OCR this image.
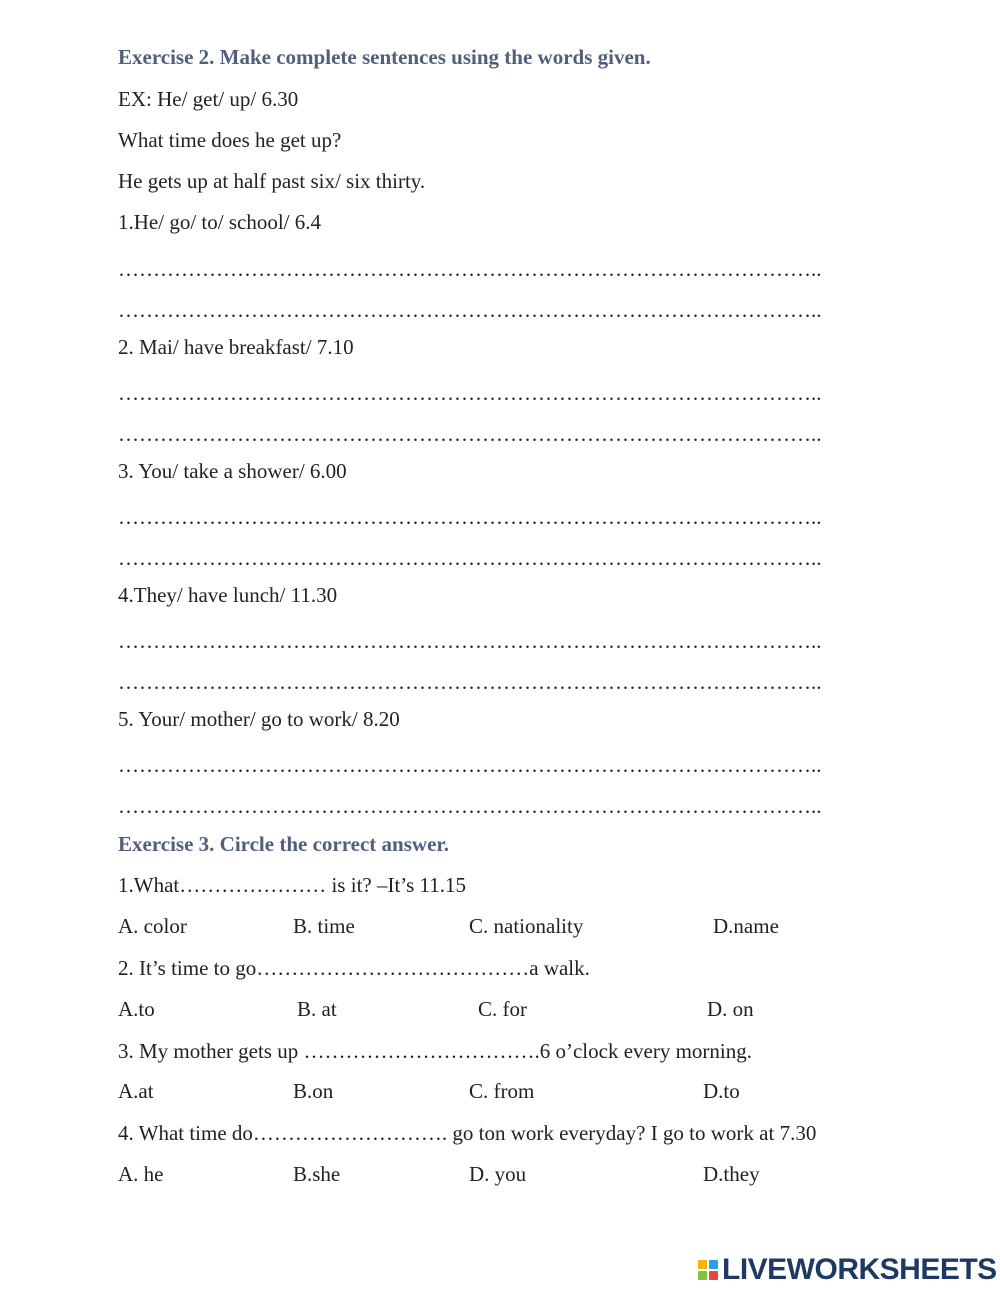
Exercise 2. Make complete sentences using the words given.
EX: He/ get/ up/ 6.30
What time does he get up?
He gets up at half past six/ six thirty.
1.He/ go/ to/ school/ 6.4
………………………………………………………………………………………..
………………………………………………………………………………………..
2. Mai/ have breakfast/ 7.10
………………………………………………………………………………………..
………………………………………………………………………………………..
3. You/ take a shower/ 6.00
………………………………………………………………………………………..
………………………………………………………………………………………..
4.They/ have lunch/ 11.30
………………………………………………………………………………………..
………………………………………………………………………………………..
5. Your/ mother/ go to work/ 8.20
………………………………………………………………………………………..
………………………………………………………………………………………..
Exercise 3. Circle the correct answer.
1.What………………… is it? –It’s 11.15
A. color	B. time	C. nationality	D.name
2. It’s time to go…………………………………a walk.
A.to	B. at	C. for	D. on
3. My mother gets up …………………………….6 o’clock every morning.
A.at	B.on	C. from	D.to
4. What time do………………………. go ton work everyday? I go to work at 7.30
A. he	B.she	D. you	D.they
LIVEWORKSHEETS
